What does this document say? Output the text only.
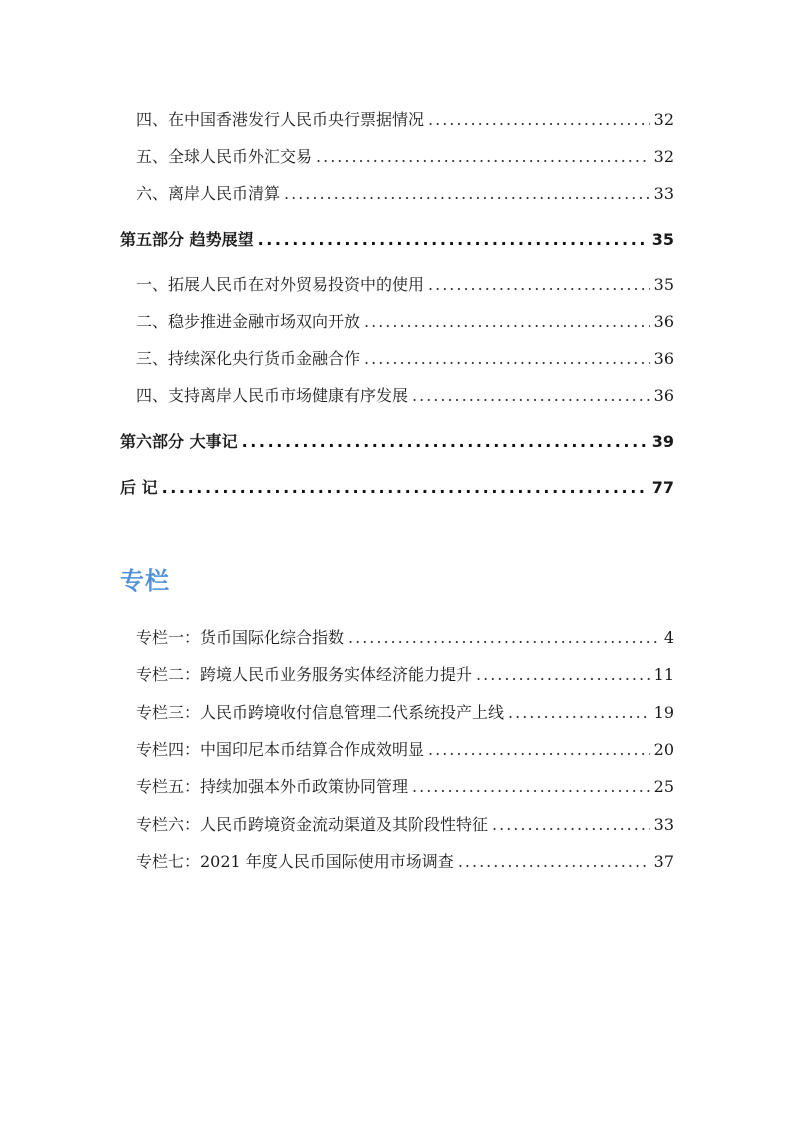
四、在中国香港发行人民币央行票据情况 .....	32
五、全球人民币外汇交易 .....	32
六、离岸人民币清算 .....	33
第五部分 趋势展望 .....	35
一、拓展人民币在对外贸易投资中的使用 .....	35
二、稳步推进金融市场双向开放 .....	36
三、持续深化央行货币金融合作 .....	36
四、支持离岸人民币市场健康有序发展 .....	36
第六部分 大事记 .....	39
后 记 .....	77
专栏
专栏一：货币国际化综合指数 .....	4
专栏二：跨境人民币业务服务实体经济能力提升 .....	11
专栏三：人民币跨境收付信息管理二代系统投产上线 .....	19
专栏四：中国印尼本币结算合作成效明显 .....	20
专栏五：持续加强本外币政策协同管理 .....	25
专栏六：人民币跨境资金流动渠道及其阶段性特征 .....	33
专栏七：2021 年度人民币国际使用市场调查 .....	37
